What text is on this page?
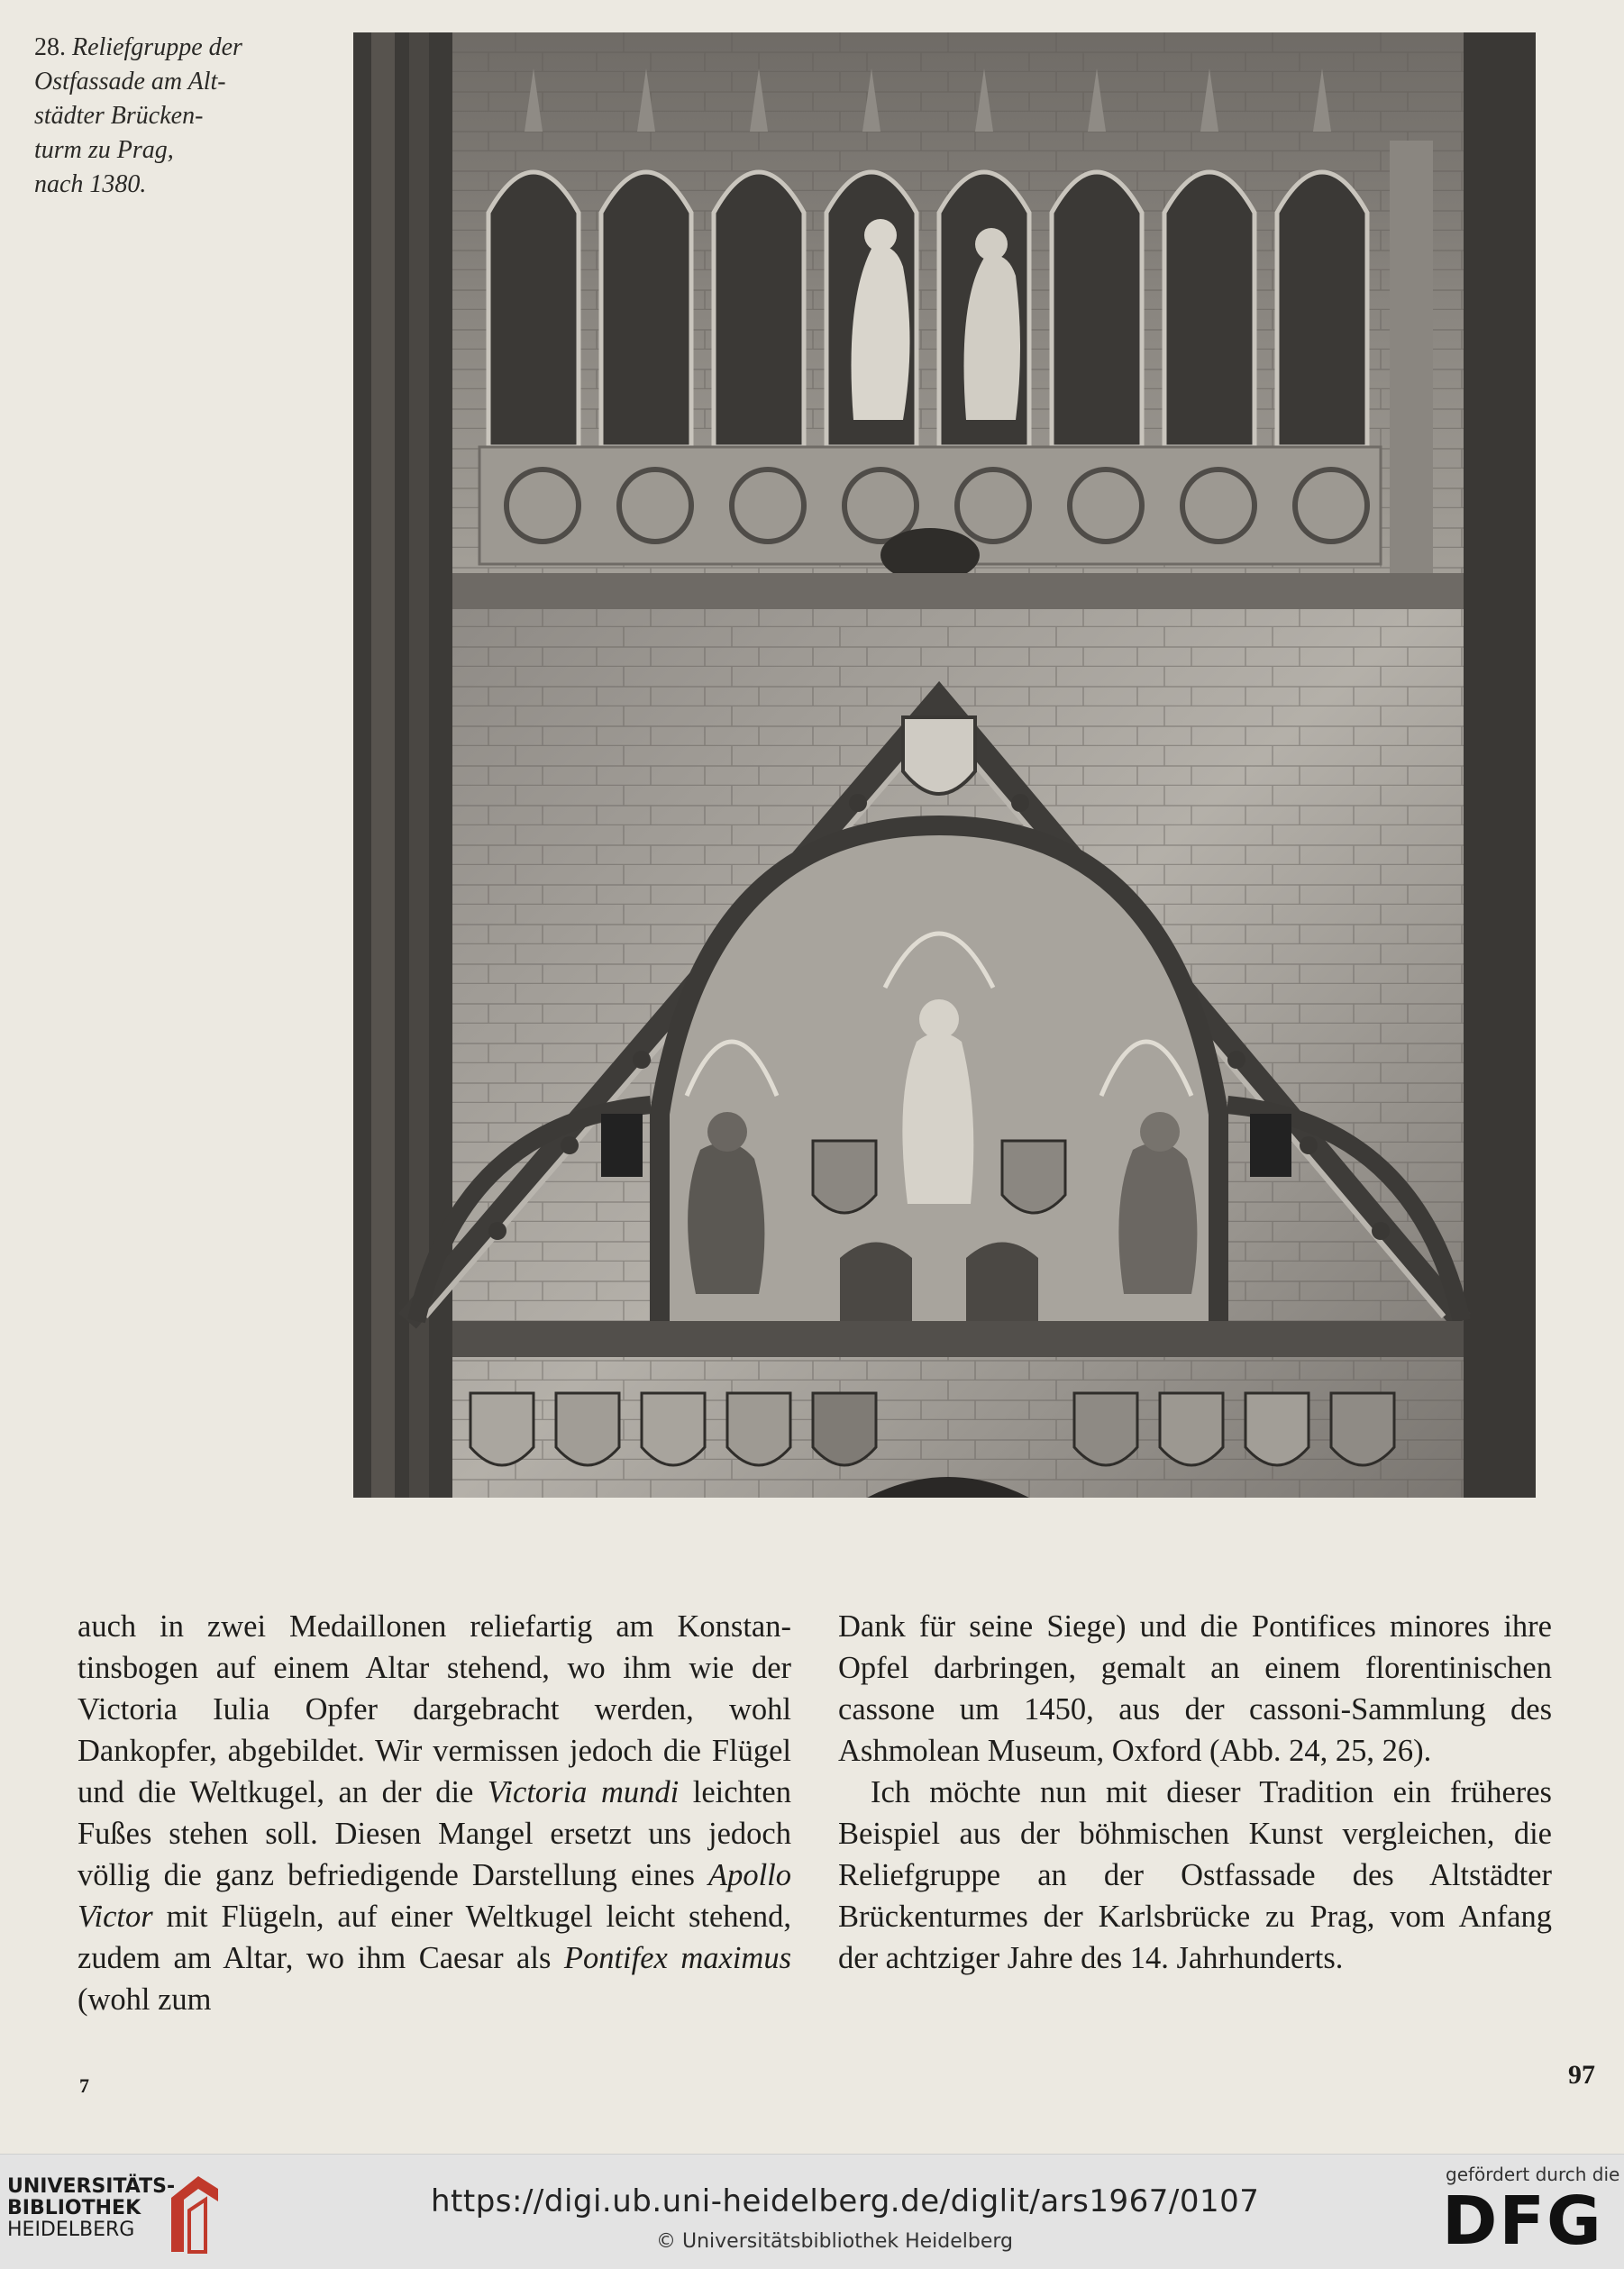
28. Reliefgruppe der
Ostfassade am Alt-
städter Brücken-
turm zu Prag,
nach 1380.

auch in zwei Medaillonen reliefartig am Konstantinsbogen auf einem Altar stehend, wo ihm wie der Victoria Iulia Opfer dargebracht werden, wohl Dankopfer, abgebildet. Wir vermissen jedoch die Flügel und die Weltkugel, an der die Victoria mundi leichten Fußes stehen soll. Diesen Mangel ersetzt uns jedoch völlig die ganz befriedigende Darstellung eines Apollo Victor mit Flügeln, auf einer Weltkugel leicht stehend, zudem am Altar, wo ihm Caesar als Pontifex maximus (wohl zum

Dank für seine Siege) und die Pontifices minores ihre Opfel darbringen, gemalt an einem florentinischen cassone um 1450, aus der cassoni-Sammlung des Ashmolean Museum, Oxford (Abb. 24, 25, 26).

Ich möchte nun mit dieser Tradition ein früheres Beispiel aus der böhmischen Kunst vergleichen, die Reliefgruppe an der Ostfassade des Altstädter Brückenturmes der Karlsbrücke zu Prag, vom Anfang der achtziger Jahre des 14. Jahrhunderts.

7	97
UNIVERSITÄTS-
BIBLIOTHEK
HEIDELBERG
https://digi.ub.uni-heidelberg.de/diglit/ars1967/0107
© Universitätsbibliothek Heidelberg
gefördert durch die
DFG
